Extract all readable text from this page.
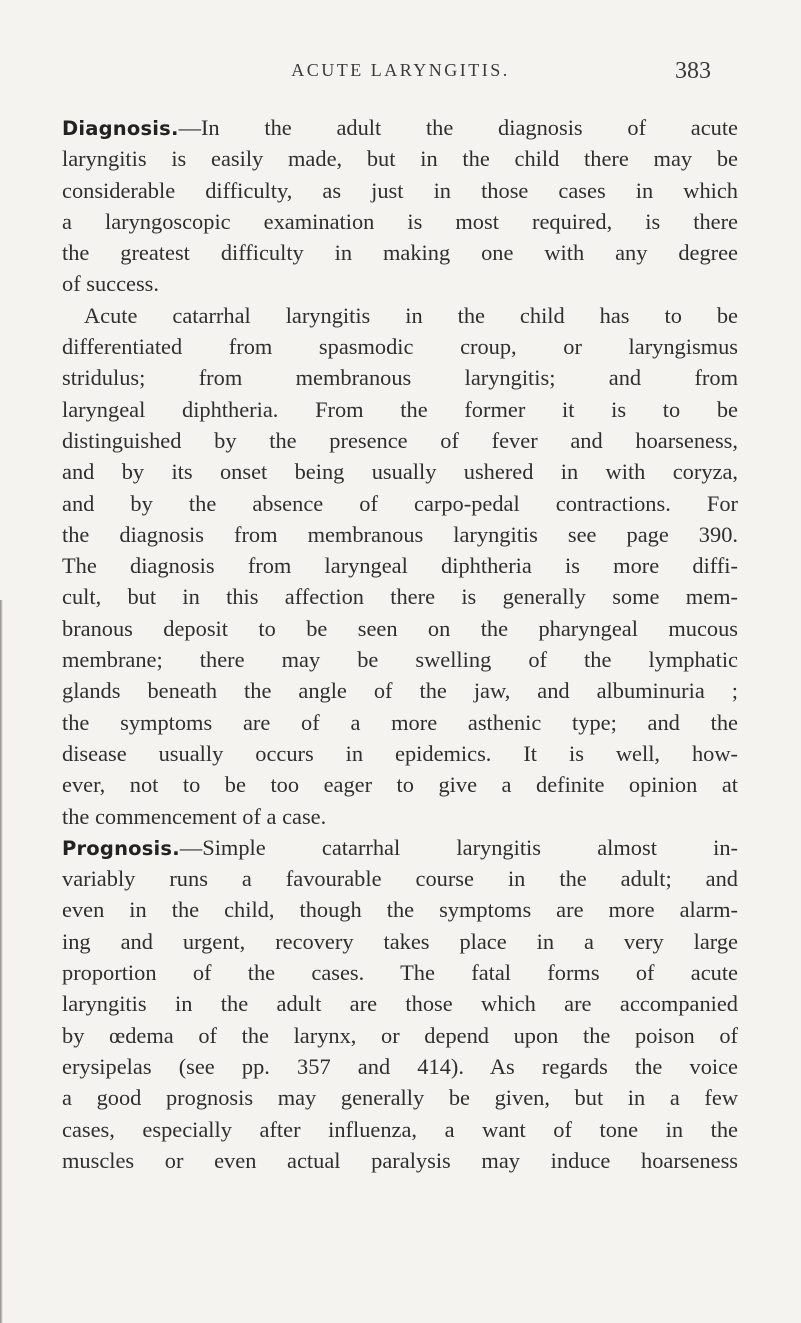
ACUTE LARYNGITIS.	383
Diagnosis.—In the adult the diagnosis of acute
laryngitis is easily made, but in the child there may be
considerable difficulty, as just in those cases in which
a laryngoscopic examination is most required, is there
the greatest difficulty in making one with any degree
of success.
Acute catarrhal laryngitis in the child has to be
differentiated from spasmodic croup, or laryngismus
stridulus; from membranous laryngitis; and from
laryngeal diphtheria. From the former it is to be
distinguished by the presence of fever and hoarseness,
and by its onset being usually ushered in with coryza,
and by the absence of carpo-pedal contractions. For
the diagnosis from membranous laryngitis see page 390.
The diagnosis from laryngeal diphtheria is more diffi-
cult, but in this affection there is generally some mem-
branous deposit to be seen on the pharyngeal mucous
membrane; there may be swelling of the lymphatic
glands beneath the angle of the jaw, and albuminuria ;
the symptoms are of a more asthenic type; and the
disease usually occurs in epidemics. It is well, how-
ever, not to be too eager to give a definite opinion at
the commencement of a case.
Prognosis.—Simple catarrhal laryngitis almost in-
variably runs a favourable course in the adult; and
even in the child, though the symptoms are more alarm-
ing and urgent, recovery takes place in a very large
proportion of the cases. The fatal forms of acute
laryngitis in the adult are those which are accompanied
by œdema of the larynx, or depend upon the poison of
erysipelas (see pp. 357 and 414). As regards the voice
a good prognosis may generally be given, but in a few
cases, especially after influenza, a want of tone in the
muscles or even actual paralysis may induce hoarseness
